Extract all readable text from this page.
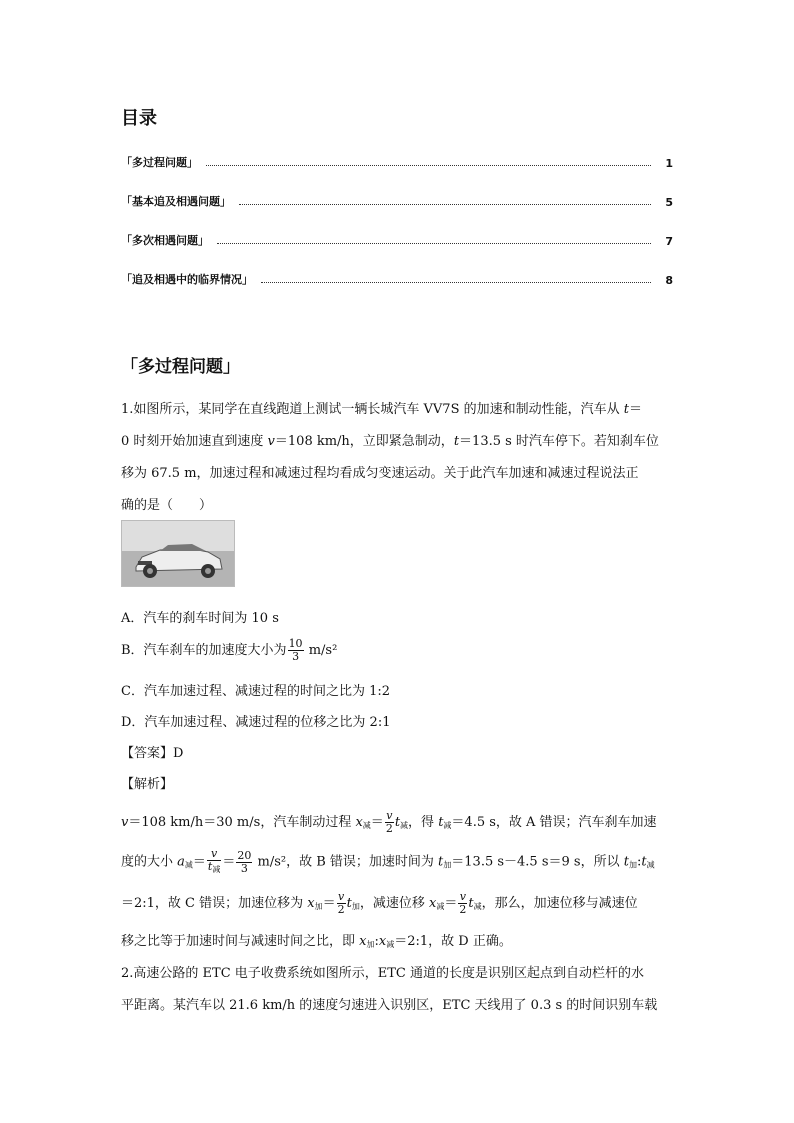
目录
「多过程问题」	1
「基本追及相遇问题」	5
「多次相遇问题」	7
「追及相遇中的临界情况」	8
「多过程问题」
1.如图所示，某同学在直线跑道上测试一辆长城汽车 VV7S 的加速和制动性能，汽车从 t＝
0 时刻开始加速直到速度 v＝108 km/h，立即紧急制动，t＝13.5 s 时汽车停下。若知刹车位
移为 67.5 m，加速过程和减速过程均看成匀变速运动。关于此汽车加速和减速过程说法正
确的是（　　）
A．汽车的刹车时间为 10 s
B．汽车刹车的加速度大小为 $\frac{10}{3} m/s^2$
C．汽车加速过程、减速过程的时间之比为 1:2
D．汽车加速过程、减速过程的位移之比为 2:1
【答案】D
【解析】
v＝108 km/h＝30 m/s，汽车制动过程 $x_减= \frac{v}{2} t_减$，得 $t_减=4.5$ s，故 A 错误；汽车刹车加速
度的大小 $a_减= \frac{v}{t_减} = \frac{20}{3} m/s^2$，故 B 错误；加速时间为 $t_加=13.5$ s－4.5 s＝9 s，所以 $t_加:t_减$
＝2:1，故 C 错误；加速位移为 $x_加= \frac{v}{2} t_加$，减速位移 $x_减= \frac{v}{2} t_减$，那么，加速位移与减速位
移之比等于加速时间与减速时间之比，即 $x_加:x_减=2:1$，故 D 正确。
2.高速公路的 ETC 电子收费系统如图所示，ETC 通道的长度是识别区起点到自动栏杆的水
平距离。某汽车以 21.6 km/h 的速度匀速进入识别区，ETC 天线用了 0.3 s 的时间识别车载
